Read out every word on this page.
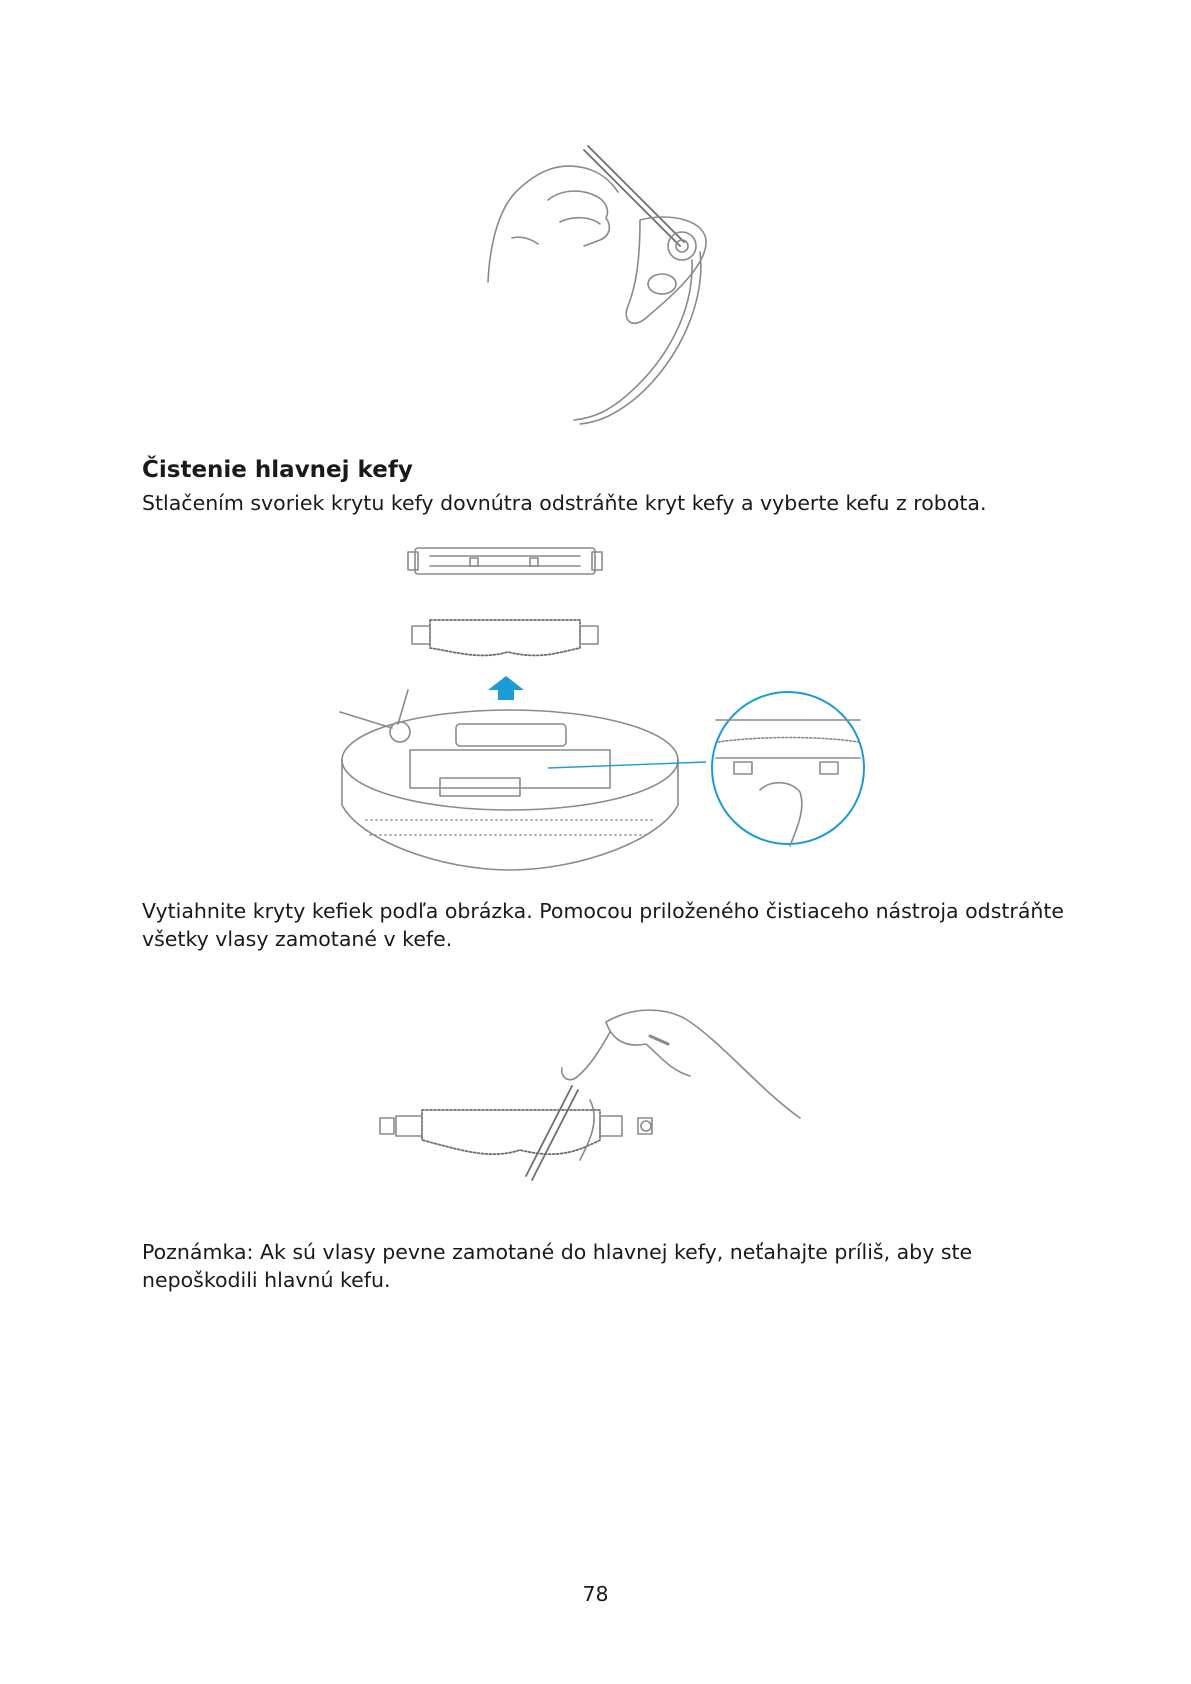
Čistenie hlavnej kefy

Stlačením svoriek krytu kefy dovnútra odstráňte kryt kefy a vyberte kefu z robota.

Vytiahnite kryty kefiek podľa obrázka. Pomocou priloženého čistiaceho nástroja odstráňte
všetky vlasy zamotané v kefe.
Poznámka: Ak sú vlasy pevne zamotané do hlavnej kefy, neťahajte príliš, aby ste
nepoškodili hlavnú kefu.
78
